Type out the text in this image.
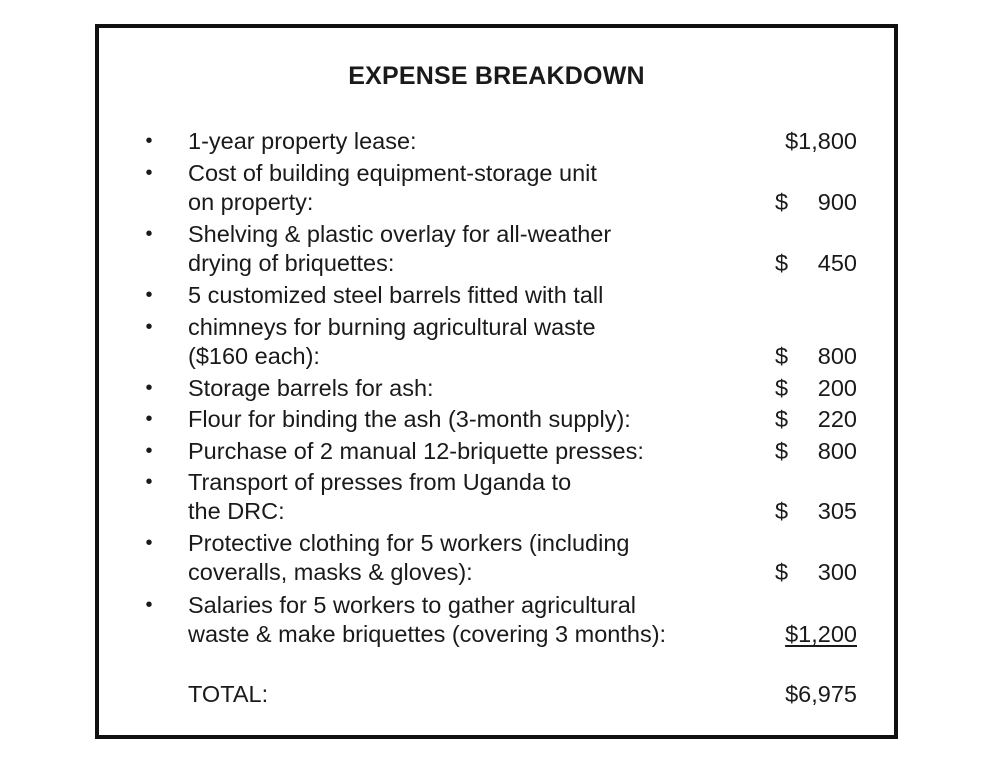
EXPENSE BREAKDOWN
• 1-year property lease:	$1,800
• Cost of building equipment-storage unit
on property:	$ 900
• Shelving & plastic overlay for all-weather
drying of briquettes:	$ 450
• 5 customized steel barrels fitted with tall
• chimneys for burning agricultural waste
($160 each):	$ 800
• Storage barrels for ash:	$ 200
• Flour for binding the ash (3-month supply):	$ 220
• Purchase of 2 manual 12-briquette presses:	$ 800
• Transport of presses from Uganda to
the DRC:	$ 305
• Protective clothing for 5 workers (including
coveralls, masks & gloves):	$ 300
• Salaries for 5 workers to gather agricultural
waste & make briquettes (covering 3 months):	$1,200
TOTAL:	$6,975
